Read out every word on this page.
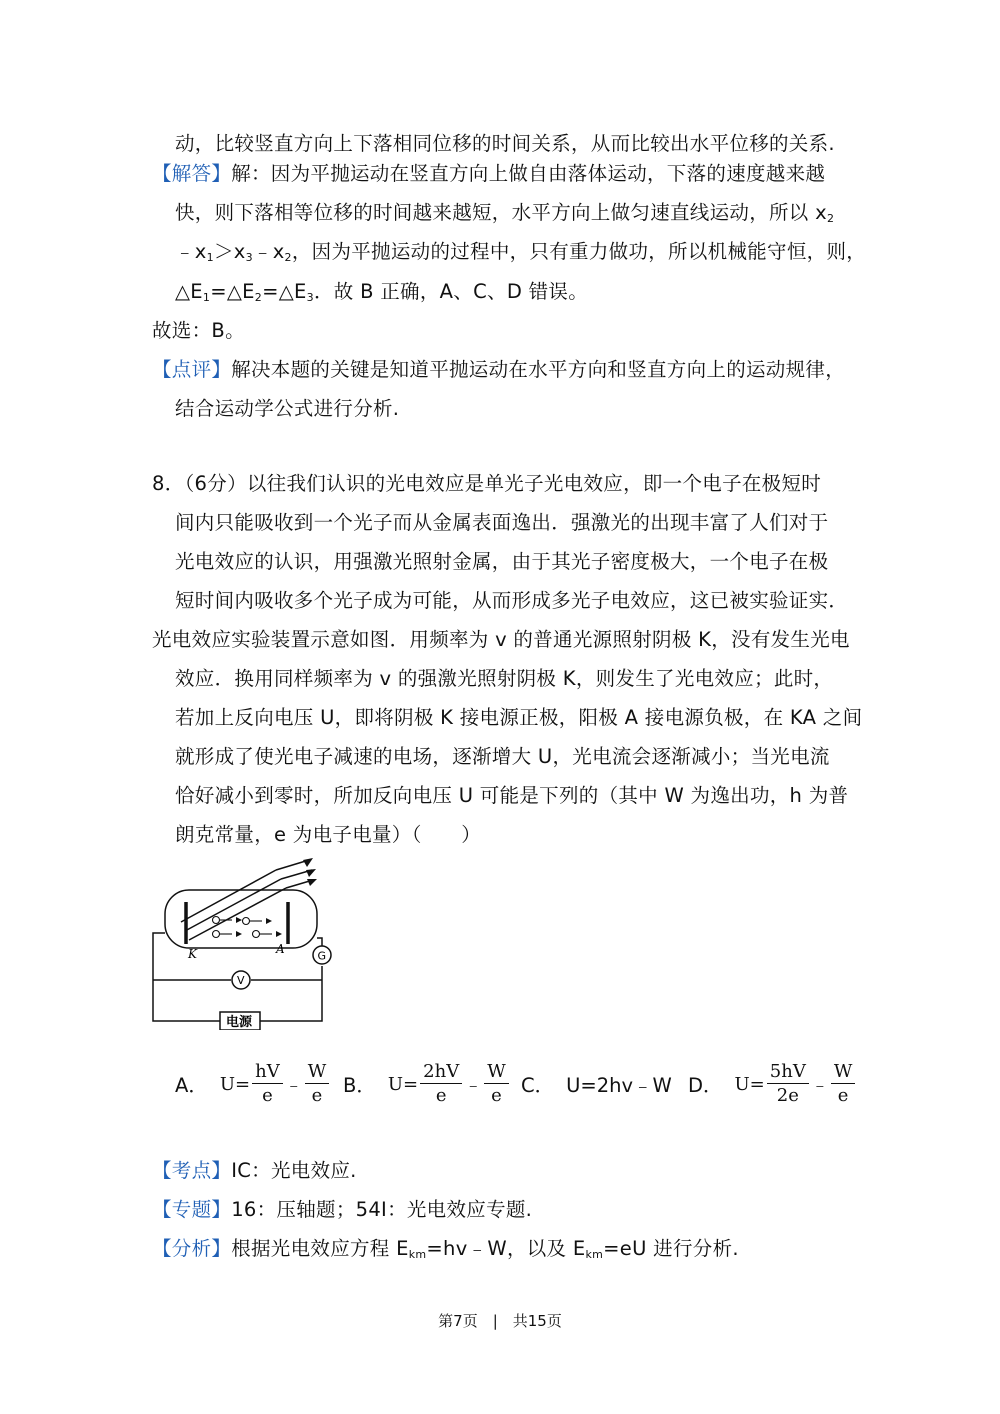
动，比较竖直方向上下落相同位移的时间关系，从而比较出水平位移的关系.
【解答】解：因为平抛运动在竖直方向上做自由落体运动，下落的速度越来越
快，则下落相等位移的时间越来越短，水平方向上做匀速直线运动，所以 $x_2$
$﹣x_1>x_3﹣x_2$，因为平抛运动的过程中，只有重力做功，所以机械能守恒，则，
$\triangle E_1=\triangle E_2=\triangle E_3$．故 B 正确，A、C、D 错误。
故选：B。
【点评】解决本题的关键是知道平抛运动在水平方向和竖直方向上的运动规律，
结合运动学公式进行分析.
8．（6分）以往我们认识的光电效应是单光子光电效应，即一个电子在极短时
间内只能吸收到一个光子而从金属表面逸出．强激光的出现丰富了人们对于
光电效应的认识，用强激光照射金属，由于其光子密度极大，一个电子在极
短时间内吸收多个光子成为可能，从而形成多光子电效应，这已被实验证实．
光电效应实验装置示意如图．用频率为 v 的普通光源照射阴极 K，没有发生光电
效应．换用同样频率为 v 的强激光照射阴极 K，则发生了光电效应；此时，
若加上反向电压 U，即将阴极 K 接电源正极，阳极 A 接电源负极，在 KA 之间
就形成了使光电子减速的电场，逐渐增大 U，光电流会逐渐减小；当光电流
恰好减小到零时，所加反向电压 U 可能是下列的（其中 W 为逸出功，h 为普
朗克常量，e 为电子电量）（　　）
K	A	G
V
电源
A． $U= \frac{hV}{e}$ ﹣ $\frac{W}{e}$ B． $U= \frac{2hV}{e}$ ﹣ $\frac{W}{e}$ C． U=2hv﹣W D． $U= \frac{5hV}{2e}$ ﹣ $\frac{W}{e}$
【考点】IC：光电效应.
【专题】16：压轴题；54I：光电效应专题.
【分析】根据光电效应方程 $E_{km}=hv﹣W$，以及 $E_{km}=eU$ 进行分析.
第7页　|　共15页
